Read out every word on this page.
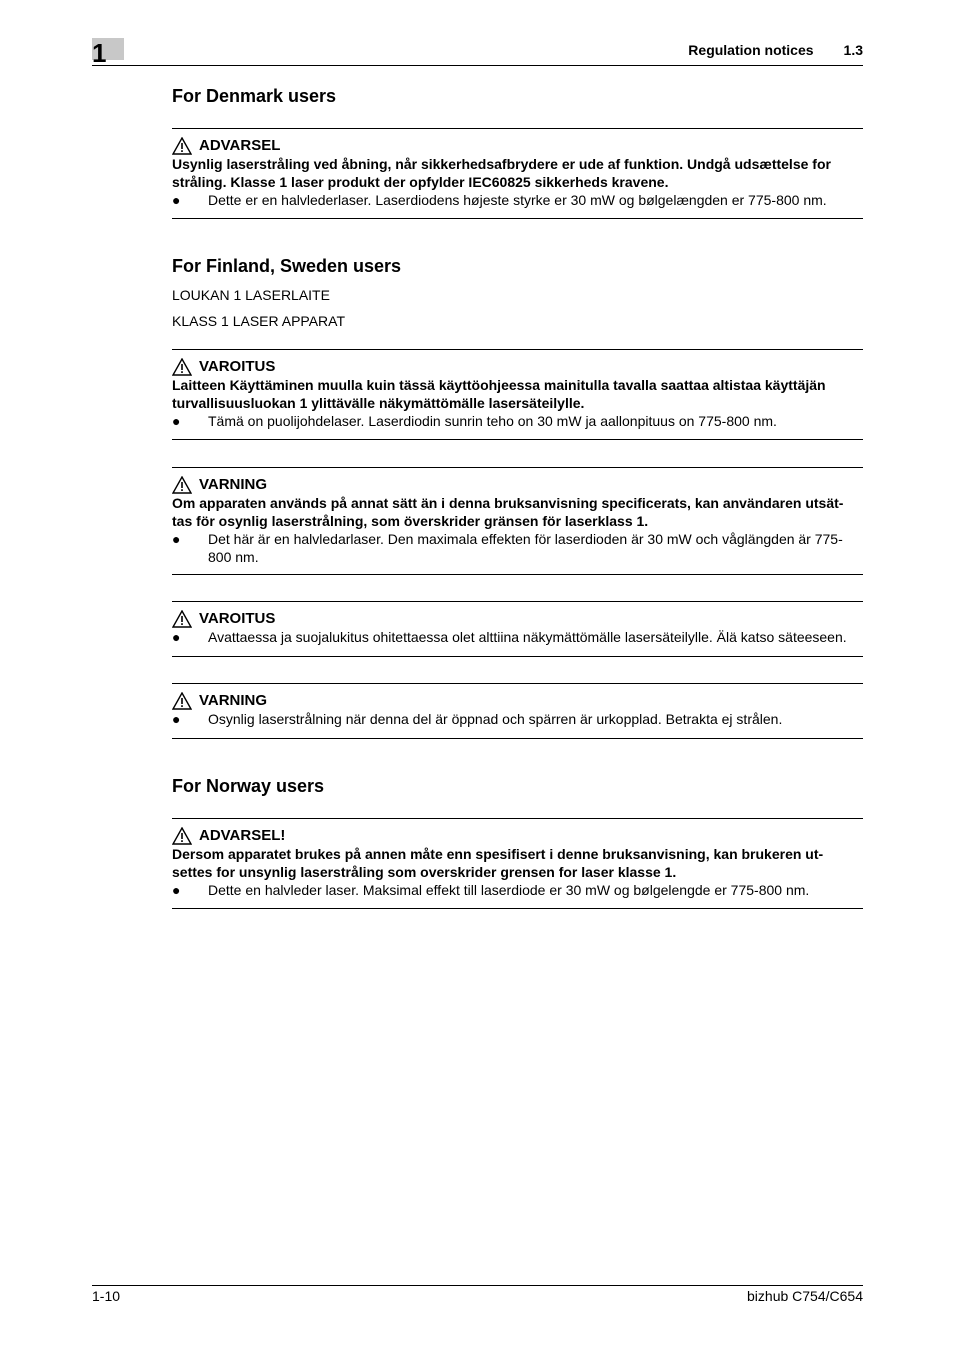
1	Regulation notices 1.3
For Denmark users
ADVARSEL
Usynlig laserstråling ved åbning, når sikkerhedsafbrydere er ude af funktion. Undgå udsættelse for stråling. Klasse 1 laser produkt der opfylder IEC60825 sikkerheds kravene.
●	Dette er en halvlederlaser. Laserdiodens højeste styrke er 30 mW og bølgelængden er 775-800 nm.
For Finland, Sweden users

LOUKAN 1 LASERLAITE

KLASS 1 LASER APPARAT

VAROITUS
Laitteen Käyttäminen muulla kuin tässä käyttöohjeessa mainitulla tavalla saattaa altistaa käyttäjän turvallisuusluokan 1 ylittävälle näkymättömälle lasersäteilylle.
●	Tämä on puolijohdelaser. Laserdiodin sunrin teho on 30 mW ja aallonpituus on 775-800 nm.
VARNING
Om apparaten används på annat sätt än i denna bruksanvisning specificerats, kan användaren utsät-tas för osynlig laserstrålning, som överskrider gränsen för laserklass 1.
●	Det här är en halvledarlaser. Den maximala effekten för laserdioden är 30 mW och våglängden är 775-800 nm.
VAROITUS
●	Avattaessa ja suojalukitus ohitettaessa olet alttiina näkymättömälle lasersäteilylle. Älä katso säteeseen.
VARNING
●	Osynlig laserstrålning när denna del är öppnad och spärren är urkopplad. Betrakta ej strålen.
For Norway users
ADVARSEL!
Dersom apparatet brukes på annen måte enn spesifisert i denne bruksanvisning, kan brukeren ut-settes for unsynlig laserstråling som overskrider grensen for laser klasse 1.
●	Dette en halvleder laser. Maksimal effekt till laserdiode er 30 mW og bølgelengde er 775-800 nm.
1-10	bizhub C754/C654
